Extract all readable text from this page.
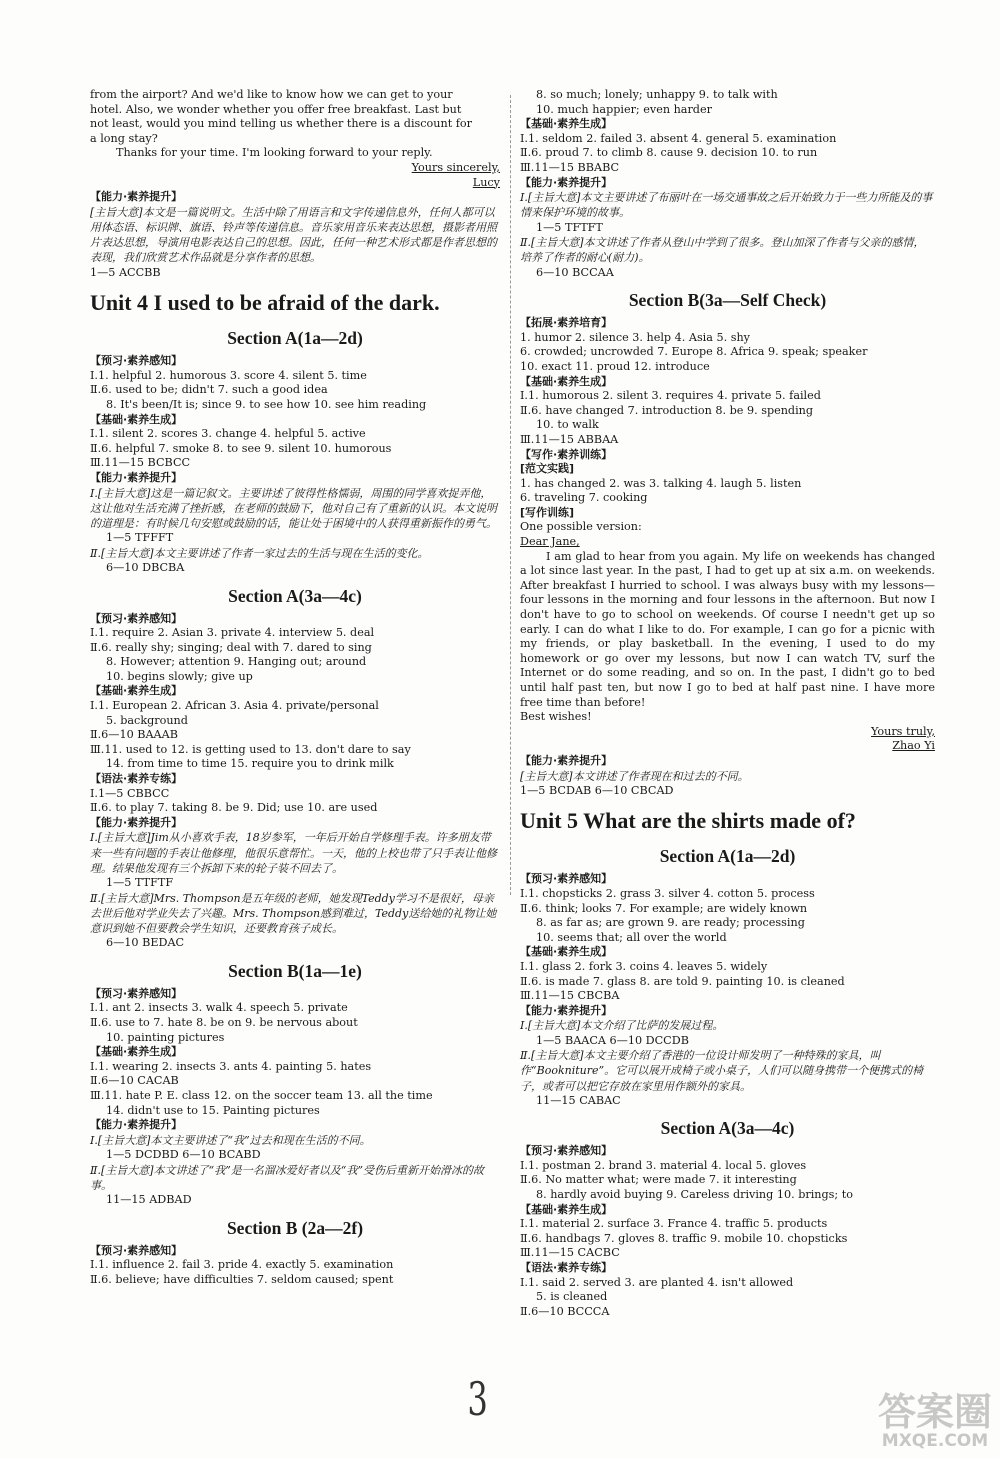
from the airport? And we'd like to know how we can get to your
hotel. Also, we wonder whether you offer free breakfast. Last but
not least, would you mind telling us whether there is a discount for
a long stay?
Thanks for your time. I'm looking forward to your reply.
Yours sincerely,
Lucy
【能力·素养提升】
[主旨大意]本文是一篇说明文。生活中除了用语言和文字传递信息外，任何人都可以用体态语、标识牌、旗语、铃声等传递信息。音乐家用音乐来表达思想，摄影者用照片表达思想，导演用电影表达自己的思想。因此，任何一种艺术形式都是作者思想的表现，我们欣赏艺术作品就是分享作者的思想。
1—5 ACCBB
Unit 4 I used to be afraid of the dark.
Section A(1a—2d)
【预习·素养感知】
Ⅰ.1. helpful 2. humorous 3. score 4. silent 5. time
Ⅱ.6. used to be; didn't 7. such a good idea
8. It's been/It is; since 9. to see how 10. see him reading
【基础·素养生成】
Ⅰ.1. silent 2. scores 3. change 4. helpful 5. active
Ⅱ.6. helpful 7. smoke 8. to see 9. silent 10. humorous
Ⅲ.11—15 BCBCC
【能力·素养提升】
Ⅰ.[主旨大意]这是一篇记叙文。主要讲述了彼得性格懦弱，周围的同学喜欢捉弄他，这让他对生活充满了挫折感，在老师的鼓励下，他对自己有了重新的认识。本文说明的道理是：有时候几句安慰或鼓励的话，能让处于困境中的人获得重新振作的勇气。
1—5 TFFFT
Ⅱ.[主旨大意]本文主要讲述了作者一家过去的生活与现在生活的变化。
6—10 DBCBA
Section A(3a—4c)
【预习·素养感知】
Ⅰ.1. require 2. Asian 3. private 4. interview 5. deal
Ⅱ.6. really shy; singing; deal with 7. dared to sing
8. However; attention 9. Hanging out; around
10. begins slowly; give up
【基础·素养生成】
Ⅰ.1. European 2. African 3. Asia 4. private/personal
5. background
Ⅱ.6—10 BAAAB
Ⅲ.11. used to 12. is getting used to 13. don't dare to say
14. from time to time 15. require you to drink milk
【语法·素养专练】
Ⅰ.1—5 CBBCC
Ⅱ.6. to play 7. taking 8. be 9. Did; use 10. are used
【能力·素养提升】
Ⅰ.[主旨大意]Jim从小喜欢手表，18岁参军，一年后开始自学修理手表。许多朋友带来一些有问题的手表让他修理，他很乐意帮忙。一天，他的上校也带了只手表让他修理。结果他发现有三个拆卸下来的轮子装不回去了。
1—5 TTFTF
Ⅱ.[主旨大意]Mrs. Thompson是五年级的老师，她发现Teddy学习不是很好，母亲去世后他对学业失去了兴趣。Mrs. Thompson感到难过，Teddy送给她的礼物让她意识到她不但要教会学生知识，还要教育孩子成长。
6—10 BEDAC
Section B(1a—1e)
【预习·素养感知】
Ⅰ.1. ant 2. insects 3. walk 4. speech 5. private
Ⅱ.6. use to 7. hate 8. be on 9. be nervous about
10. painting pictures
【基础·素养生成】
Ⅰ.1. wearing 2. insects 3. ants 4. painting 5. hates
Ⅱ.6—10 CACAB
Ⅲ.11. hate P. E. class 12. on the soccer team 13. all the time
14. didn't use to 15. Painting pictures
【能力·素养提升】
Ⅰ.[主旨大意]本文主要讲述了“我”过去和现在生活的不同。
1—5 DCDBD 6—10 BCABD
Ⅱ.[主旨大意]本文讲述了“我”是一名溜冰爱好者以及“我”受伤后重新开始滑冰的故事。
11—15 ADBAD
Section B (2a—2f)
【预习·素养感知】
Ⅰ.1. influence 2. fail 3. pride 4. exactly 5. examination
Ⅱ.6. believe; have difficulties 7. seldom caused; spent
8. so much; lonely; unhappy 9. to talk with
10. much happier; even harder
【基础·素养生成】
Ⅰ.1. seldom 2. failed 3. absent 4. general 5. examination
Ⅱ.6. proud 7. to climb 8. cause 9. decision 10. to run
Ⅲ.11—15 BBABC
【能力·素养提升】
Ⅰ.[主旨大意]本文主要讲述了布丽叶在一场交通事故之后开始致力于一些力所能及的事情来保护环境的故事。
1—5 TFTFT
Ⅱ.[主旨大意]本文讲述了作者从登山中学到了很多。登山加深了作者与父亲的感情，培养了作者的耐心(耐力)。
6—10 BCCAA
Section B(3a—Self Check)
【拓展·素养培育】
1. humor 2. silence 3. help 4. Asia 5. shy
6. crowded; uncrowded 7. Europe 8. Africa 9. speak; speaker
10. exact 11. proud 12. introduce
【基础·素养生成】
Ⅰ.1. humorous 2. silent 3. requires 4. private 5. failed
Ⅱ.6. have changed 7. introduction 8. be 9. spending
10. to walk
Ⅲ.11—15 ABBAA
【写作·素养训练】
[范文实践]
1. has changed 2. was 3. talking 4. laugh 5. listen
6. traveling 7. cooking
[写作训练]
One possible version:
Dear Jane,
I am glad to hear from you again. My life on weekends has changed a lot since last year. In the past, I had to get up at six a.m. on weekends. After breakfast I hurried to school. I was always busy with my lessons—four lessons in the morning and four lessons in the afternoon. But now I don't have to go to school on weekends. Of course I needn't get up so early. I can do what I like to do. For example, I can go for a picnic with my friends, or play basketball. In the evening, I used to do my homework or go over my lessons, but now I can watch TV, surf the Internet or do some reading, and so on. In the past, I didn't go to bed until half past ten, but now I go to bed at half past nine. I have more free time than before!
Best wishes!
Yours truly,
Zhao Yi
【能力·素养提升】
[主旨大意]本文讲述了作者现在和过去的不同。
1—5 BCDAB 6—10 CBCAD
Unit 5 What are the shirts made of?
Section A(1a—2d)
【预习·素养感知】
Ⅰ.1. chopsticks 2. grass 3. silver 4. cotton 5. process
Ⅱ.6. think; looks 7. For example; are widely known
8. as far as; are grown 9. are ready; processing
10. seems that; all over the world
【基础·素养生成】
Ⅰ.1. glass 2. fork 3. coins 4. leaves 5. widely
Ⅱ.6. is made 7. glass 8. are told 9. painting 10. is cleaned
Ⅲ.11—15 CBCBA
【能力·素养提升】
Ⅰ.[主旨大意]本文介绍了比萨的发展过程。
1—5 BAACA 6—10 DCCDB
Ⅱ.[主旨大意]本文主要介绍了香港的一位设计师发明了一种特殊的家具，叫作“Bookniture”。它可以展开成椅子或小桌子，人们可以随身携带一个便携式的椅子，或者可以把它存放在家里用作额外的家具。
11—15 CABAC
Section A(3a—4c)
【预习·素养感知】
Ⅰ.1. postman 2. brand 3. material 4. local 5. gloves
Ⅱ.6. No matter what; were made 7. it interesting
8. hardly avoid buying 9. Careless driving 10. brings; to
【基础·素养生成】
Ⅰ.1. material 2. surface 3. France 4. traffic 5. products
Ⅱ.6. handbags 7. gloves 8. traffic 9. mobile 10. chopsticks
Ⅲ.11—15 CACBC
【语法·素养专练】
Ⅰ.1. said 2. served 3. are planted 4. isn't allowed
5. is cleaned
Ⅱ.6—10 BCCCA
3	答案圈
MXQE.COM
